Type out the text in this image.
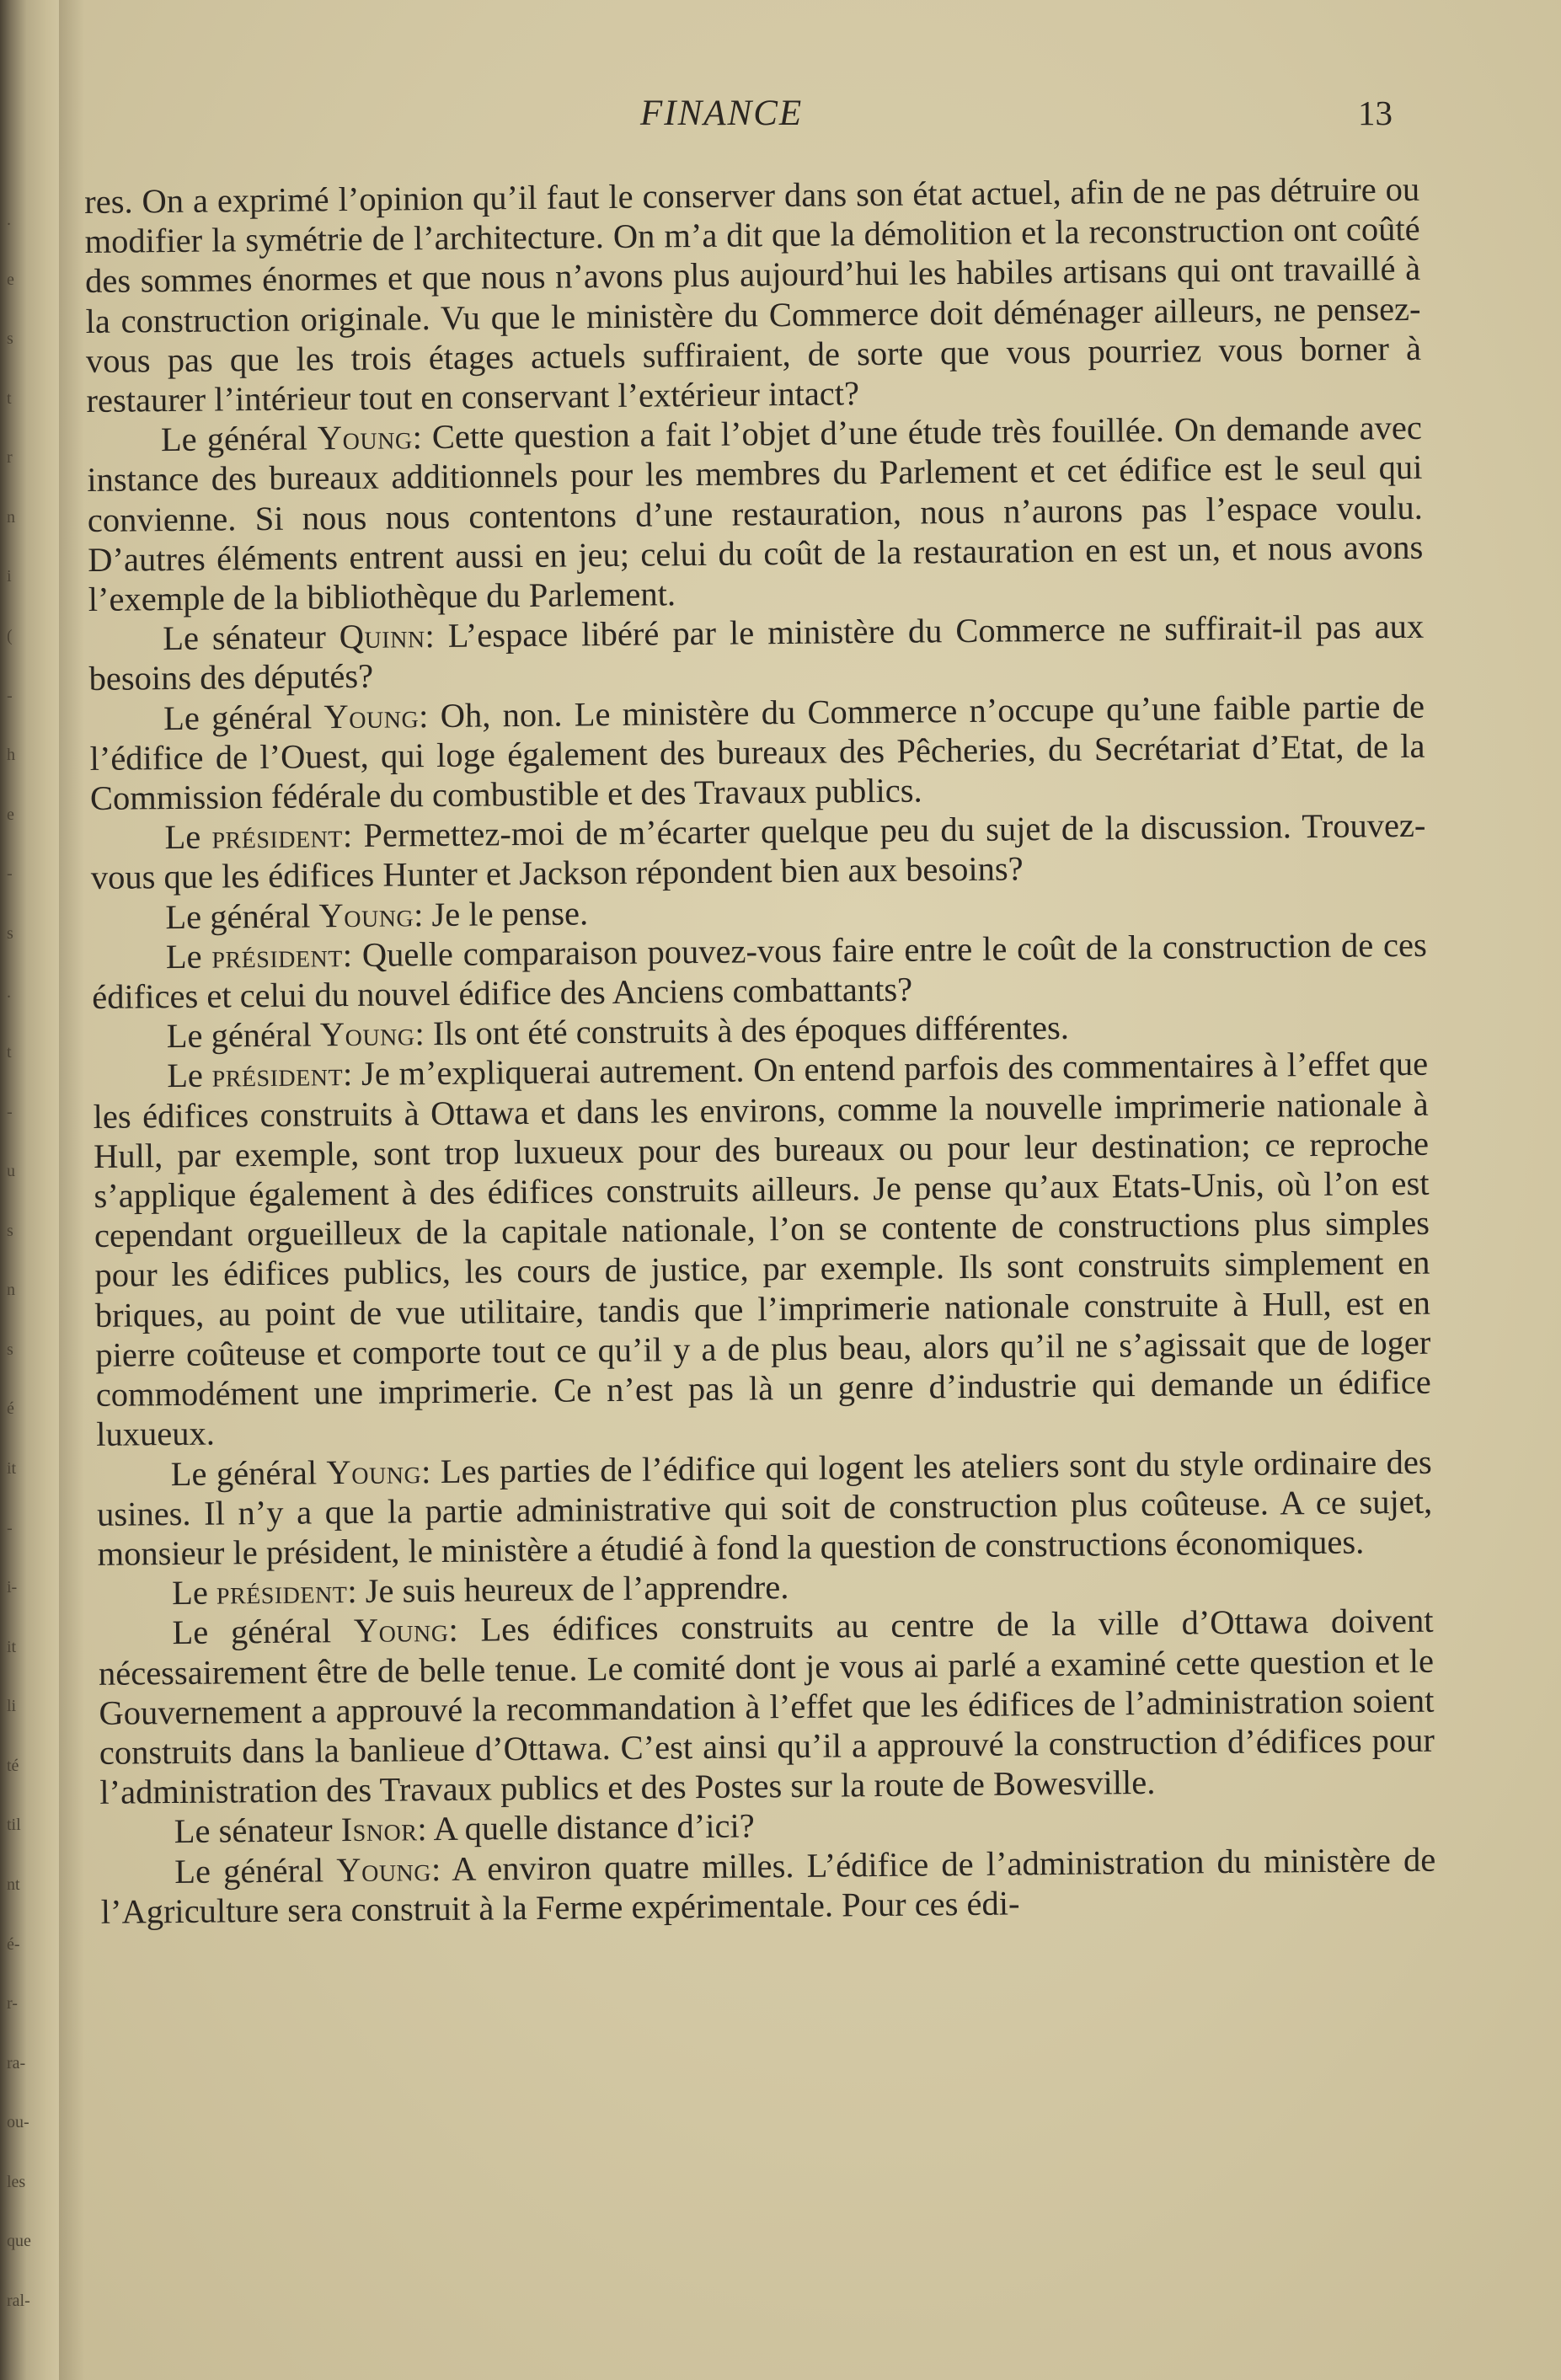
.
e
s
t
r
n
i
(
-
h
e
-
s
.
t
-
u
s
n
s
é
it
-
i-
it
li
té
til
nt
é-
r-
ra-
ou-
les
que
ral-
FINANCE	13

res. On a exprimé l’opinion qu’il faut le conserver dans son état actuel, afin de ne pas détruire ou modifier la symétrie de l’architecture. On m’a dit que la démolition et la reconstruction ont coûté des sommes énormes et que nous n’avons plus aujourd’hui les habiles artisans qui ont travaillé à la construction originale. Vu que le ministère du Commerce doit déménager ailleurs, ne pensez-vous pas que les trois étages actuels suffiraient, de sorte que vous pourriez vous borner à restaurer l’intérieur tout en conservant l’extérieur intact?

Le général Young: Cette question a fait l’objet d’une étude très fouillée. On demande avec instance des bureaux additionnels pour les membres du Parlement et cet édifice est le seul qui convienne. Si nous nous contentons d’une restauration, nous n’aurons pas l’espace voulu. D’autres éléments entrent aussi en jeu; celui du coût de la restauration en est un, et nous avons l’exemple de la bibliothèque du Parlement.

Le sénateur Quinn: L’espace libéré par le ministère du Commerce ne suffirait-il pas aux besoins des députés?

Le général Young: Oh, non. Le ministère du Commerce n’occupe qu’une faible partie de l’édifice de l’Ouest, qui loge également des bureaux des Pêcheries, du Secrétariat d’Etat, de la Commission fédérale du combustible et des Travaux publics.

Le président: Permettez-moi de m’écarter quelque peu du sujet de la discussion. Trouvez-vous que les édifices Hunter et Jackson répondent bien aux besoins?

Le général Young: Je le pense.

Le président: Quelle comparaison pouvez-vous faire entre le coût de la construction de ces édifices et celui du nouvel édifice des Anciens combattants?

Le général Young: Ils ont été construits à des époques différentes.

Le président: Je m’expliquerai autrement. On entend parfois des commentaires à l’effet que les édifices construits à Ottawa et dans les environs, comme la nouvelle imprimerie nationale à Hull, par exemple, sont trop luxueux pour des bureaux ou pour leur destination; ce reproche s’applique également à des édifices construits ailleurs. Je pense qu’aux Etats-Unis, où l’on est cependant orgueilleux de la capitale nationale, l’on se contente de constructions plus simples pour les édifices publics, les cours de justice, par exemple. Ils sont construits simplement en briques, au point de vue utilitaire, tandis que l’imprimerie nationale construite à Hull, est en pierre coûteuse et comporte tout ce qu’il y a de plus beau, alors qu’il ne s’agissait que de loger commodément une imprimerie. Ce n’est pas là un genre d’industrie qui demande un édifice luxueux.

Le général Young: Les parties de l’édifice qui logent les ateliers sont du style ordinaire des usines. Il n’y a que la partie administrative qui soit de construction plus coûteuse. A ce sujet, monsieur le président, le ministère a étudié à fond la question de constructions économiques.

Le président: Je suis heureux de l’apprendre.

Le général Young: Les édifices construits au centre de la ville d’Ottawa doivent nécessairement être de belle tenue. Le comité dont je vous ai parlé a examiné cette question et le Gouvernement a approuvé la recommandation à l’effet que les édifices de l’administration soient construits dans la banlieue d’Ottawa. C’est ainsi qu’il a approuvé la construction d’édifices pour l’administration des Travaux publics et des Postes sur la route de Bowesville.

Le sénateur Isnor: A quelle distance d’ici?

Le général Young: A environ quatre milles. L’édifice de l’administration du ministère de l’Agriculture sera construit à la Ferme expérimentale. Pour ces édi-
